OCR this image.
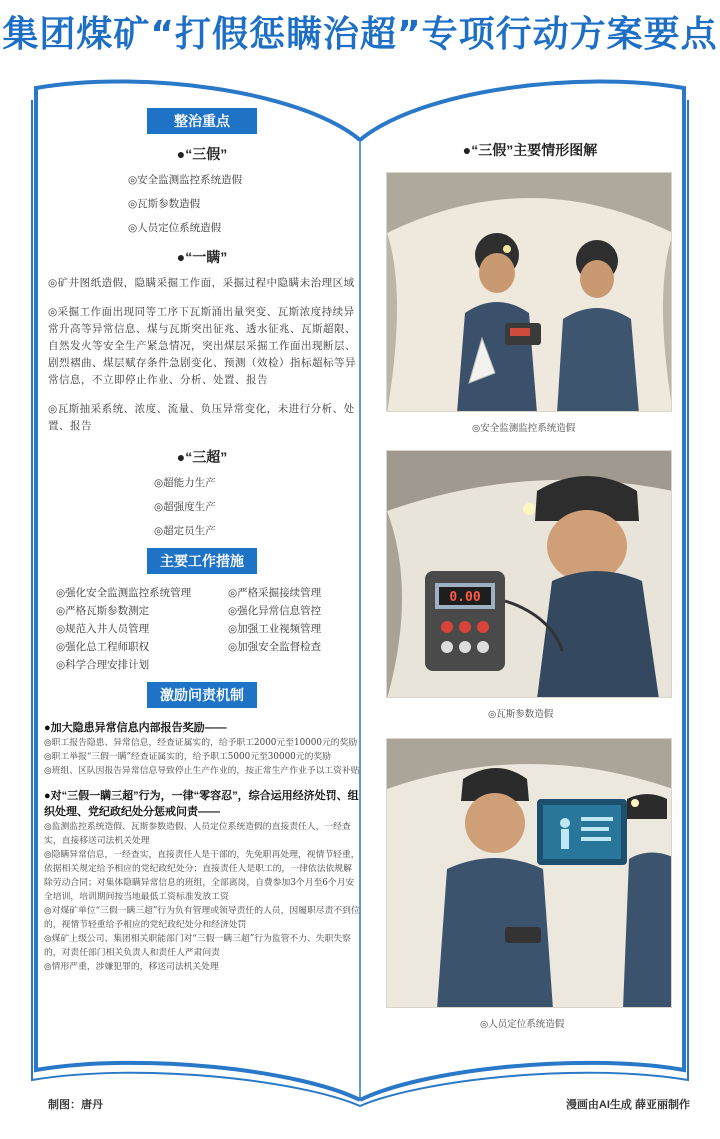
集团煤矿“打假惩瞒治超”专项行动方案要点
整治重点
●“三假”
◎安全监测监控系统造假
◎瓦斯参数造假
◎人员定位系统造假
●“一瞒”
◎矿井图纸造假，隐瞒采掘工作面，采掘过程中隐瞒未治理区域
◎采掘工作面出现同等工序下瓦斯涌出量突变、瓦斯浓度持续异常升高等异常信息、煤与瓦斯突出征兆、透水征兆、瓦斯超限、自然发火等安全生产紧急情况，突出煤层采掘工作面出现断层、剧烈褶曲、煤层赋存条件急剧变化、预测（效检）指标超标等异常信息，不立即停止作业、分析、处置、报告
◎瓦斯抽采系统、浓度、流量、负压异常变化，未进行分析、处置、报告
●“三超”
◎超能力生产
◎超强度生产
◎超定员生产
主要工作措施
◎强化安全监测监控系统管理
◎严格瓦斯参数测定
◎规范入井人员管理
◎强化总工程师职权
◎科学合理安排计划
◎严格采掘接续管理
◎强化异常信息管控
◎加强工业视频管理
◎加强安全监督检查
激励问责机制
●加大隐患异常信息内部报告奖励——
◎职工报告隐患、异常信息，经查证属实的，给予职工2000元至10000元的奖励
◎职工举报“三假一瞒”经查证属实的，给予职工5000元至30000元的奖励
◎班组、区队因报告异常信息导致停止生产作业的，按正常生产作业予以工资补贴
●对“三假一瞒三超”行为，一律“零容忍”，综合运用经济处罚、组织处理、党纪政纪处分惩戒问责——
◎监测监控系统造假、瓦斯参数造假、人员定位系统造假的直接责任人，一经查实，直接移送司法机关处理
◎隐瞒异常信息，一经查实，直接责任人是干部的，先免职再处理，视情节轻重，依据相关规定给予相应的党纪政纪处分；直接责任人是职工的，一律依法依规解除劳动合同；对集体隐瞒异常信息的班组，全部离岗，自费参加3个月至6个月安全培训，培训期间按当地最低工资标准发放工资
◎对煤矿单位“三假一瞒三超”行为负有管理或领导责任的人员，因履职尽责不到位的，视情节轻重给予相应的党纪政纪处分和经济处罚
◎煤矿上级公司、集团相关职能部门对“三假一瞒三超”行为监管不力、失职失察的，对责任部门相关负责人和责任人严肃问责
◎情形严重，涉嫌犯罪的，移送司法机关处理
●“三假”主要情形图解
◎安全监测监控系统造假
0.00
◎瓦斯参数造假
◎人员定位系统造假
制图：唐丹	漫画由AI生成 薛亚丽制作
